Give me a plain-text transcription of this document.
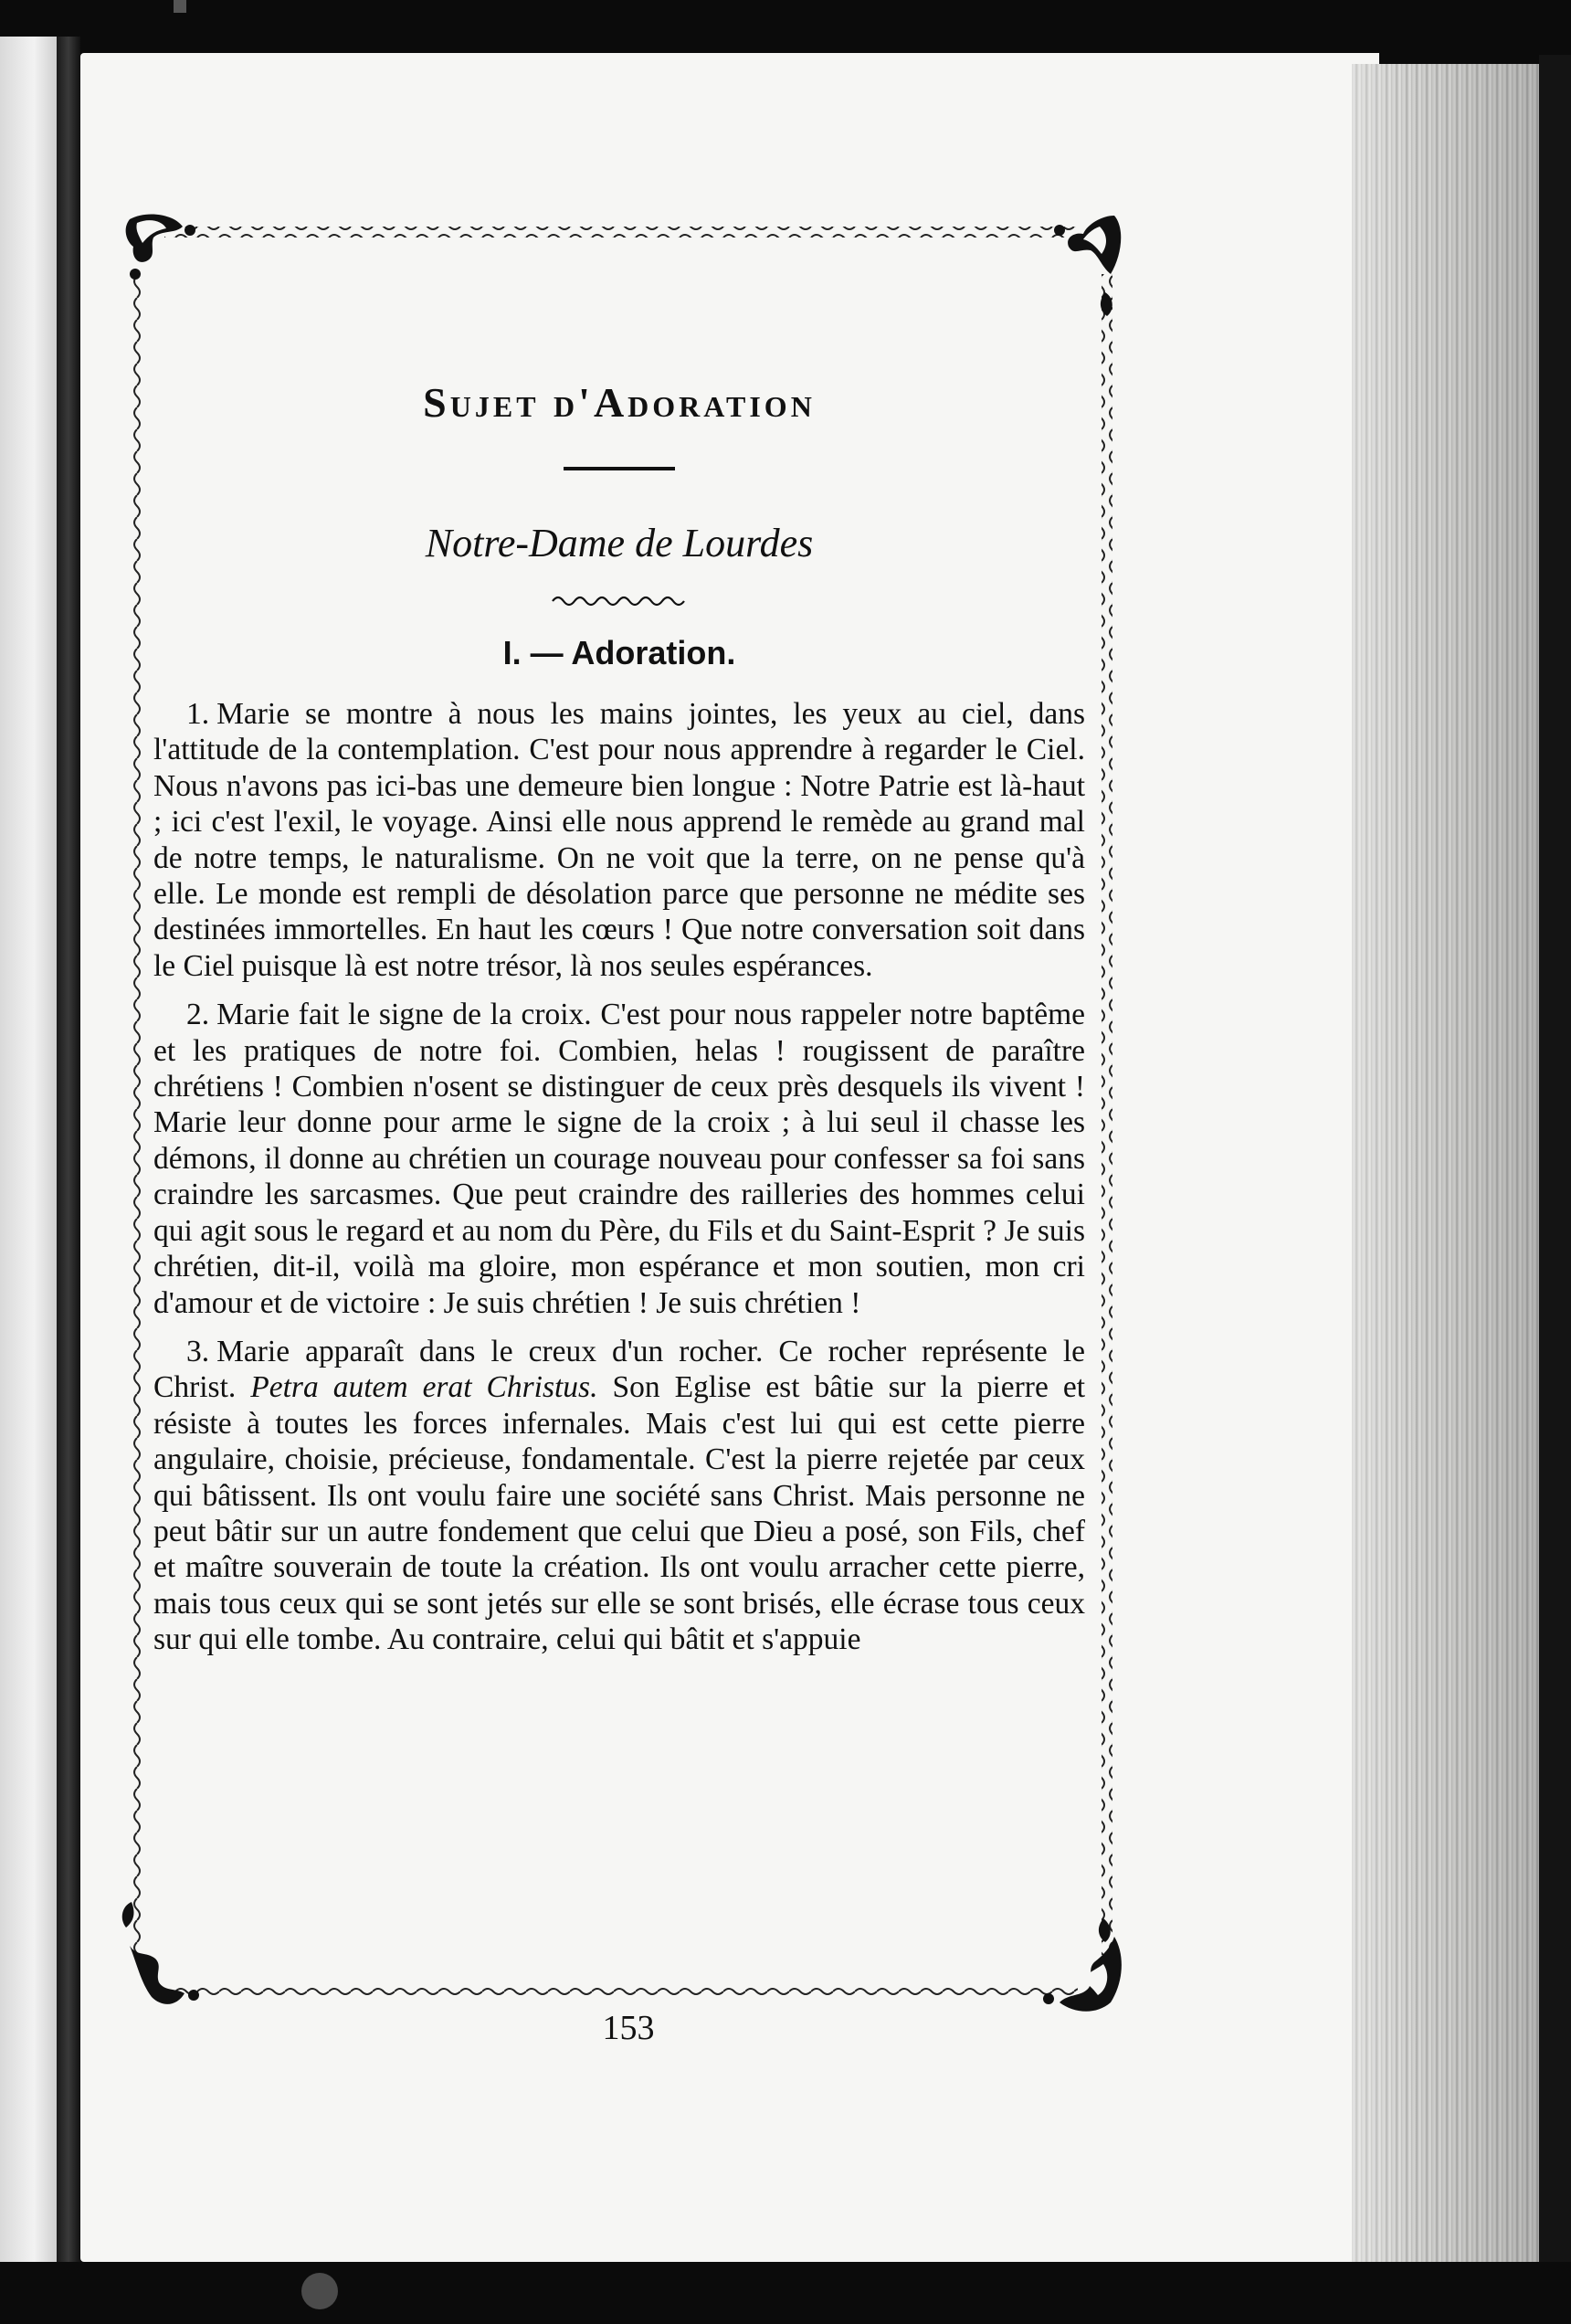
Sujet d'Adoration
Notre-Dame de Lourdes
I. — Adoration.

1. Marie se montre à nous les mains jointes, les yeux au ciel, dans l'attitude de la contemplation. C'est pour nous apprendre à regarder le Ciel. Nous n'avons pas ici-bas une demeure bien longue : Notre Patrie est là-haut ; ici c'est l'exil, le voyage. Ainsi elle nous apprend le remède au grand mal de notre temps, le naturalisme. On ne voit que la terre, on ne pense qu'à elle. Le monde est rempli de désolation parce que personne ne médite ses destinées immortelles. En haut les cœurs ! Que notre conversation soit dans le Ciel puisque là est notre trésor, là nos seules espérances.

2. Marie fait le signe de la croix. C'est pour nous rappeler notre baptême et les pratiques de notre foi. Combien, helas ! rougissent de paraître chrétiens ! Combien n'osent se distinguer de ceux près desquels ils vivent ! Marie leur donne pour arme le signe de la croix ; à lui seul il chasse les démons, il donne au chrétien un courage nouveau pour confesser sa foi sans craindre les sarcasmes. Que peut craindre des railleries des hommes celui qui agit sous le regard et au nom du Père, du Fils et du Saint-Esprit ? Je suis chrétien, dit-il, voilà ma gloire, mon espérance et mon soutien, mon cri d'amour et de victoire : Je suis chrétien ! Je suis chrétien !

3. Marie apparaît dans le creux d'un rocher. Ce rocher représente le Christ. Petra autem erat Christus. Son Eglise est bâtie sur la pierre et résiste à toutes les forces infernales. Mais c'est lui qui est cette pierre angulaire, choisie, précieuse, fondamentale. C'est la pierre rejetée par ceux qui bâtissent. Ils ont voulu faire une société sans Christ. Mais personne ne peut bâtir sur un autre fondement que celui que Dieu a posé, son Fils, chef et maître souverain de toute la création. Ils ont voulu arracher cette pierre, mais tous ceux qui se sont jetés sur elle se sont brisés, elle écrase tous ceux sur qui elle tombe. Au contraire, celui qui bâtit et s'appuie

153
